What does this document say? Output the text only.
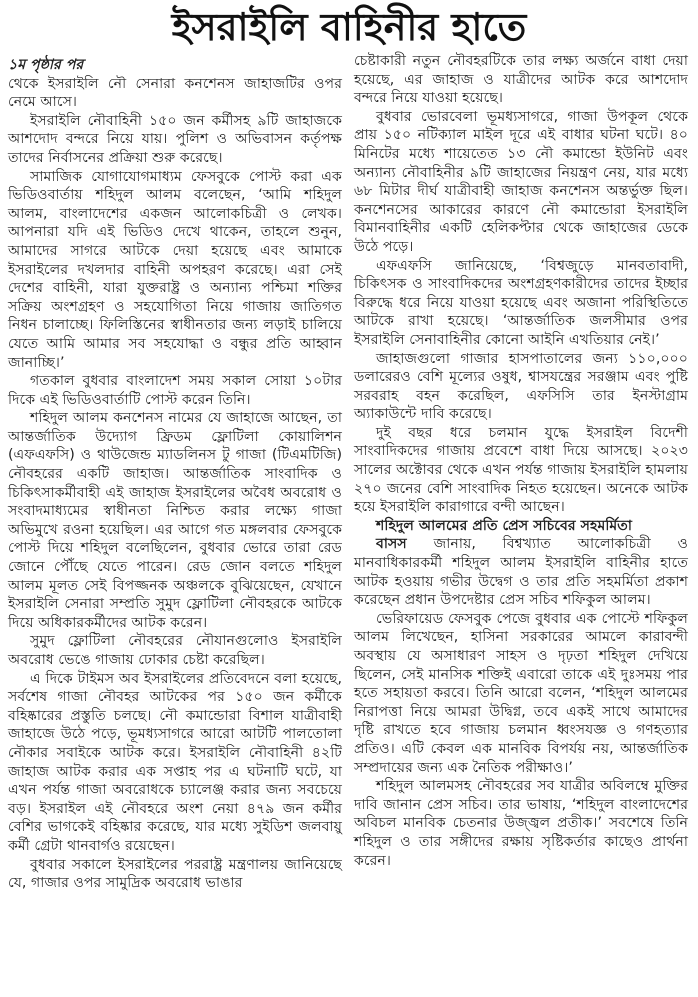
ইসরাইলি বাহিনীর হাতে
১ম পৃষ্ঠার পর

থেকে ইসরাইলি নৌ সেনারা কনশেনস জাহাজটির ওপর নেমে আসে।

ইসরাইলি নৌবাহিনী ১৫০ জন কর্মীসহ ৯টি জাহাজকে আশদোদ বন্দরে নিয়ে যায়। পুলিশ ও অভিবাসন কর্তৃপক্ষ তাদের নির্বাসনের প্রক্রিয়া শুরু করেছে।

সামাজিক যোগাযোগমাধ্যম ফেসবুকে পোস্ট করা এক ভিডিওবার্তায় শহিদুল আলম বলেছেন, ‘আমি শহিদুল আলম, বাংলাদেশের একজন আলোকচিত্রী ও লেখক। আপনারা যদি এই ভিডিও দেখে থাকেন, তাহলে শুনুন, আমাদের সাগরে আটকে দেয়া হয়েছে এবং আমাকে ইসরাইলের দখলদার বাহিনী অপহরণ করেছে। এরা সেই দেশের বাহিনী, যারা যুক্তরাষ্ট্র ও অন্যান্য পশ্চিমা শক্তির সক্রিয় অংশগ্রহণ ও সহযোগিতা নিয়ে গাজায় জাতিগত নিধন চালাচ্ছে। ফিলিস্তিনের স্বাধীনতার জন্য লড়াই চালিয়ে যেতে আমি আমার সব সহযোদ্ধা ও বন্ধুর প্রতি আহ্বান জানাচ্ছি।’

গতকাল বুধবার বাংলাদেশ সময় সকাল সোয়া ১০টার দিকে এই ভিডিওবার্তাটি পোস্ট করেন তিনি।

শহিদুল আলম কনশেনস নামের যে জাহাজে আছেন, তা আন্তর্জাতিক উদ্যোগ ফ্রিডম ফ্লোটিলা কোয়ালিশন (এফএফসি) ও থাউজেন্ড ম্যাডলিনস টু গাজা (টিএমটিজি) নৌবহরের একটি জাহাজ। আন্তর্জাতিক সাংবাদিক ও চিকিৎসাকর্মীবাহী এই জাহাজ ইসরাইলের অবৈধ অবরোধ ও সংবাদমাধ্যমের স্বাধীনতা নিশ্চিত করার লক্ষ্যে গাজা অভিমুখে রওনা হয়েছিল। এর আগে গত মঙ্গলবার ফেসবুকে পোস্ট দিয়ে শহিদুল বলেছিলেন, বুধবার ভোরে তারা রেড জোনে পৌঁছে যেতে পারেন। রেড জোন বলতে শহিদুল আলম মূলত সেই বিপজ্জনক অঞ্চলকে বুঝিয়েছেন, যেখানে ইসরাইলি সেনারা সম্প্রতি সুমুদ ফ্লোটিলা নৌবহরকে আটকে দিয়ে অধিকারকর্মীদের আটক করেন।

সুমুদ ফ্লোটিলা নৌবহরের নৌযানগুলোও ইসরাইলি অবরোধ ভেঙে গাজায় ঢোকার চেষ্টা করেছিল।

এ দিকে টাইমস অব ইসরাইলের প্রতিবেদনে বলা হয়েছে, সর্বশেষ গাজা নৌবহর আটকের পর ১৫০ জন কর্মীকে বহিষ্কারের প্রস্তুতি চলছে। নৌ কমান্ডোরা বিশাল যাত্রীবাহী জাহাজে উঠে পড়ে, ভূমধ্যসাগরে আরো আটটি পালতোলা নৌকার সবাইকে আটক করে। ইসরাইলি নৌবাহিনী ৪২টি জাহাজ আটক করার এক সপ্তাহ পর এ ঘটনাটি ঘটে, যা এখন পর্যন্ত গাজা অবরোধকে চ্যালেঞ্জ করার জন্য সবচেয়ে বড়। ইসরাইল এই নৌবহরে অংশ নেয়া ৪৭৯ জন কর্মীর বেশির ভাগকেই বহিষ্কার করেছে, যার মধ্যে সুইডিশ জলবায়ু কর্মী গ্রেটা থানবার্গও রয়েছেন।

বুধবার সকালে ইসরাইলের পররাষ্ট্র মন্ত্রণালয় জানিয়েছে যে, গাজার ওপর সামুদ্রিক অবরোধ ভাঙার

চেষ্টাকারী নতুন নৌবহরটিকে তার লক্ষ্য অর্জনে বাধা দেয়া হয়েছে, এর জাহাজ ও যাত্রীদের আটক করে আশদোদ বন্দরে নিয়ে যাওয়া হয়েছে।

বুধবার ভোরবেলা ভূমধ্যসাগরে, গাজা উপকূল থেকে প্রায় ১৫০ নটিক্যাল মাইল দূরে এই বাধার ঘটনা ঘটে। ৪০ মিনিটের মধ্যে শায়েতেত ১৩ নৌ কমান্ডো ইউনিট এবং অন্যান্য নৌবাহিনীর ৯টি জাহাজের নিয়ন্ত্রণ নেয়, যার মধ্যে ৬৮ মিটার দীর্ঘ যাত্রীবাহী জাহাজ কনশেনস অন্তর্ভুক্ত ছিল। কনশেনসের আকারের কারণে নৌ কমান্ডোরা ইসরাইলি বিমানবাহিনীর একটি হেলিকপ্টার থেকে জাহাজের ডেকে উঠে পড়ে।

এফএফসি জানিয়েছে, ‘বিশ্বজুড়ে মানবতাবাদী, চিকিৎসক ও সাংবাদিকদের অংশগ্রহণকারীদের তাদের ইচ্ছার বিরুদ্ধে ধরে নিয়ে যাওয়া হয়েছে এবং অজানা পরিস্থিতিতে আটকে রাখা হয়েছে। ‘আন্তর্জাতিক জলসীমার ওপর ইসরাইলি সেনাবাহিনীর কোনো আইনি এখতিয়ার নেই।’

জাহাজগুলো গাজার হাসপাতালের জন্য ১১০,০০০ ডলারেরও বেশি মূল্যের ওষুধ, শ্বাসযন্ত্রের সরঞ্জাম এবং পুষ্টি সরবরাহ বহন করেছিল, এফসিসি তার ইনস্টাগ্রাম অ্যাকাউন্টে দাবি করেছে।

দুই বছর ধরে চলমান যুদ্ধে ইসরাইল বিদেশী সাংবাদিকদের গাজায় প্রবেশে বাধা দিয়ে আসছে। ২০২৩ সালের অক্টোবর থেকে এখন পর্যন্ত গাজায় ইসরাইলি হামলায় ২৭০ জনের বেশি সাংবাদিক নিহত হয়েছেন। অনেকে আটক হয়ে ইসরাইলি কারাগারে বন্দী আছেন।

শহিদুল আলমের প্রতি প্রেস সচিবের সহমর্মিতা

বাসস জানায়, বিশ্বখ্যাত আলোকচিত্রী ও মানবাধিকারকর্মী শহিদুল আলম ইসরাইলি বাহিনীর হাতে আটক হওয়ায় গভীর উদ্বেগ ও তার প্রতি সহমর্মিতা প্রকাশ করেছেন প্রধান উপদেষ্টার প্রেস সচিব শফিকুল আলম।

ভেরিফায়েড ফেসবুক পেজে বুধবার এক পোস্টে শফিকুল আলম লিখেছেন, হাসিনা সরকারের আমলে কারাবন্দী অবস্থায় যে অসাধারণ সাহস ও দৃঢ়তা শহিদুল দেখিয়ে ছিলেন, সেই মানসিক শক্তিই এবারো তাকে এই দুঃসময় পার হতে সহায়তা করবে। তিনি আরো বলেন, ‘শহিদুল আলমের নিরাপত্তা নিয়ে আমরা উদ্বিগ্ন, তবে একই সাথে আমাদের দৃষ্টি রাখতে হবে গাজায় চলমান ধ্বংসযজ্ঞ ও গণহত্যার প্রতিও। এটি কেবল এক মানবিক বিপর্যয় নয়, আন্তর্জাতিক সম্প্রদায়ের জন্য এক নৈতিক পরীক্ষাও।’

শহিদুল আলমসহ নৌবহরের সব যাত্রীর অবিলম্বে মুক্তির দাবি জানান প্রেস সচিব। তার ভাষায়, ‘শহিদুল বাংলাদেশের অবিচল মানবিক চেতনার উজ্জ্বল প্রতীক।’ সবশেষে তিনি শহিদুল ও তার সঙ্গীদের রক্ষায় সৃষ্টিকর্তার কাছেও প্রার্থনা করেন।
